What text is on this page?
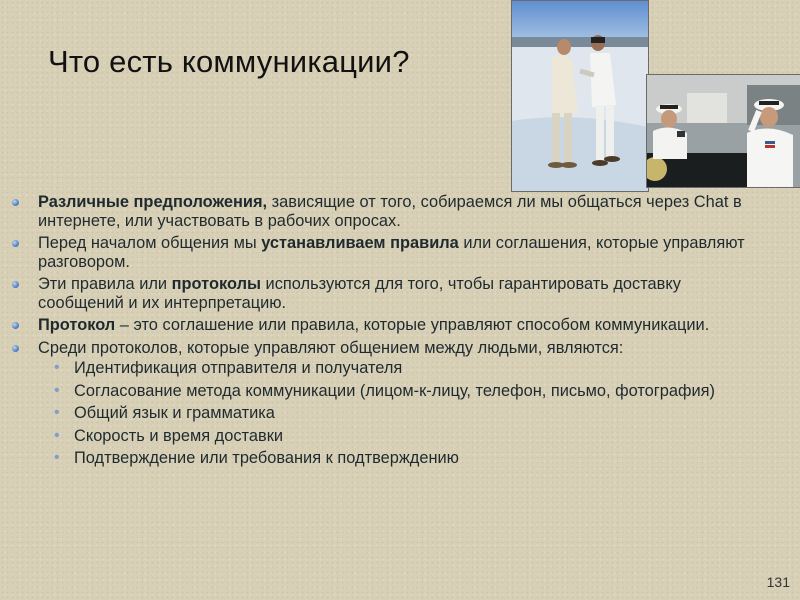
Что есть коммуникации?
Различные предположения, зависящие от того, собираемся ли мы общаться через Chat в интернете, или участвовать в рабочих опросах.
Перед началом общения мы устанавливаем правила или соглашения, которые управляют разговором.
Эти правила или протоколы используются для того, чтобы гарантировать доставку сообщений и их интерпретацию.
Протокол – это соглашение или правила, которые управляют способом коммуникации.
Среди протоколов, которые управляют общением между людьми, являются:
• Идентификация отправителя и получателя
• Согласование метода коммуникации (лицом-к-лицу, телефон, письмо, фотография)
• Общий язык и грамматика
• Скорость и время доставки
• Подтверждение или требования к подтверждению
131
